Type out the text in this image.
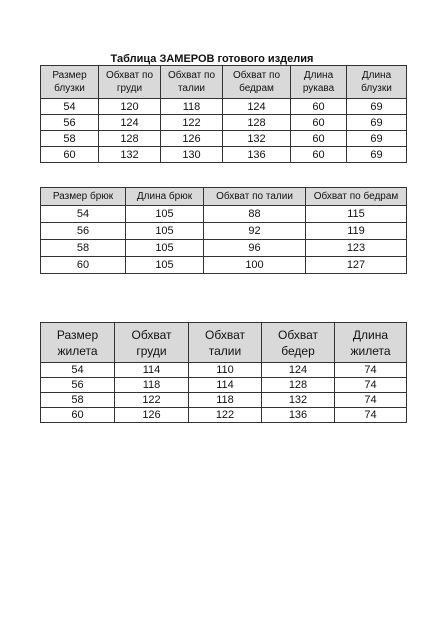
Таблица ЗАМЕРОВ готового изделия
Размер блузки	Обхват по груди	Обхват по талии	Обхват по бедрам	Длина рукава	Длина блузки
54	120	118	124	60	69
56	124	122	128	60	69
58	128	126	132	60	69
60	132	130	136	60	69
Размер брюк	Длина брюк	Обхват по талии	Обхват по бедрам
54	105	88	115
56	105	92	119
58	105	96	123
60	105	100	127
Размер жилета	Обхват груди	Обхват талии	Обхват бедер	Длина жилета
54	114	110	124	74
56	118	114	128	74
58	122	118	132	74
60	126	122	136	74
